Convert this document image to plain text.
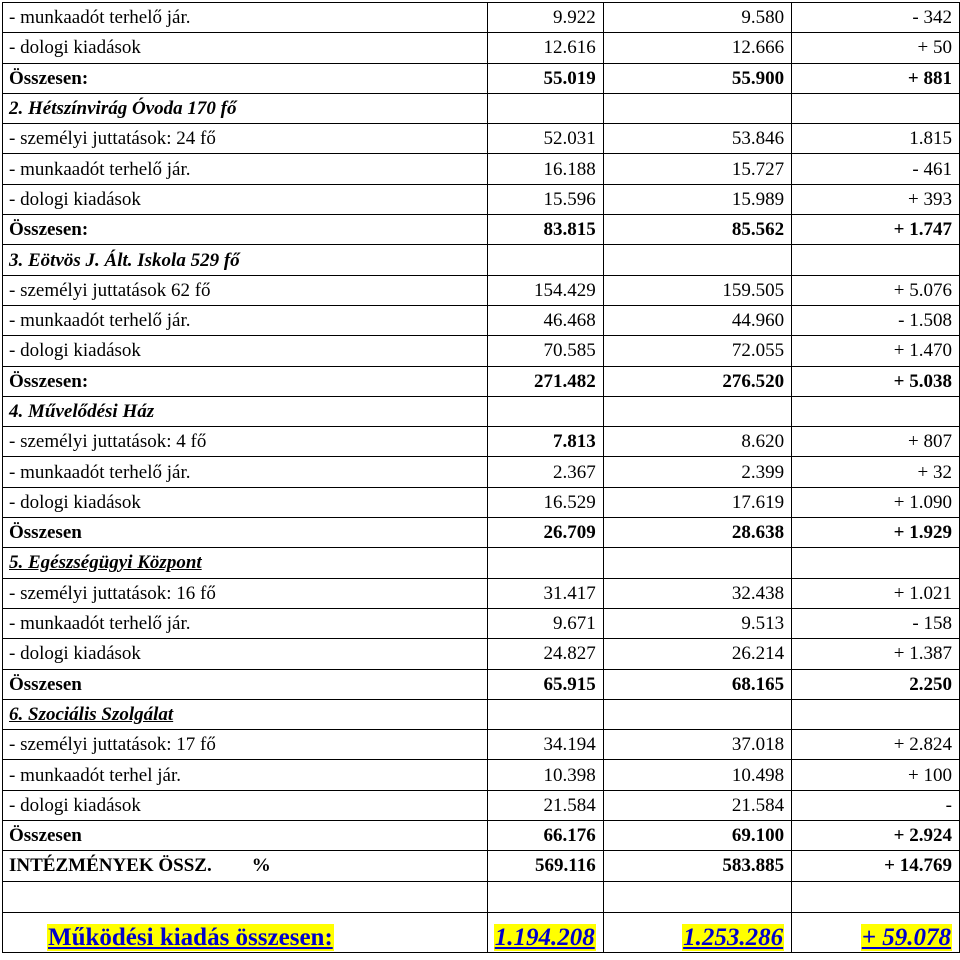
- munkaadót terhelő jár.	9.922	9.580	- 342
- dologi kiadások	12.616	12.666	+ 50
Összesen:	55.019	55.900	+ 881
2. Hétszínvirág Óvoda 170 fő			
- személyi juttatások: 24 fő	52.031	53.846	1.815
- munkaadót terhelő jár.	16.188	15.727	- 461
- dologi kiadások	15.596	15.989	+ 393
Összesen:	83.815	85.562	+ 1.747
3. Eötvös J. Ált. Iskola 529 fő			
- személyi juttatások 62 fő	154.429	159.505	+ 5.076
- munkaadót terhelő jár.	46.468	44.960	- 1.508
- dologi kiadások	70.585	72.055	+ 1.470
Összesen:	271.482	276.520	+ 5.038
4. Művelődési Ház			
- személyi juttatások: 4 fő	7.813	8.620	+ 807
- munkaadót terhelő jár.	2.367	2.399	+ 32
- dologi kiadások	16.529	17.619	+ 1.090
Összesen	26.709	28.638	+ 1.929
5. Egészségügyi Központ			
- személyi juttatások: 16 fő	31.417	32.438	+ 1.021
- munkaadót terhelő jár.	9.671	9.513	- 158
- dologi kiadások	24.827	26.214	+ 1.387
Összesen	65.915	68.165	2.250
6. Szociális Szolgálat			
- személyi juttatások: 17 fő	34.194	37.018	+ 2.824
- munkaadót terhel jár.	10.398	10.498	+ 100
- dologi kiadások	21.584	21.584	-
Összesen	66.176	69.100	+ 2.924
INTÉZMÉNYEK ÖSSZ. %	569.116	583.885	+ 14.769

Működési kiadás összesen:	1.194.208	1.253.286	+ 59.078
